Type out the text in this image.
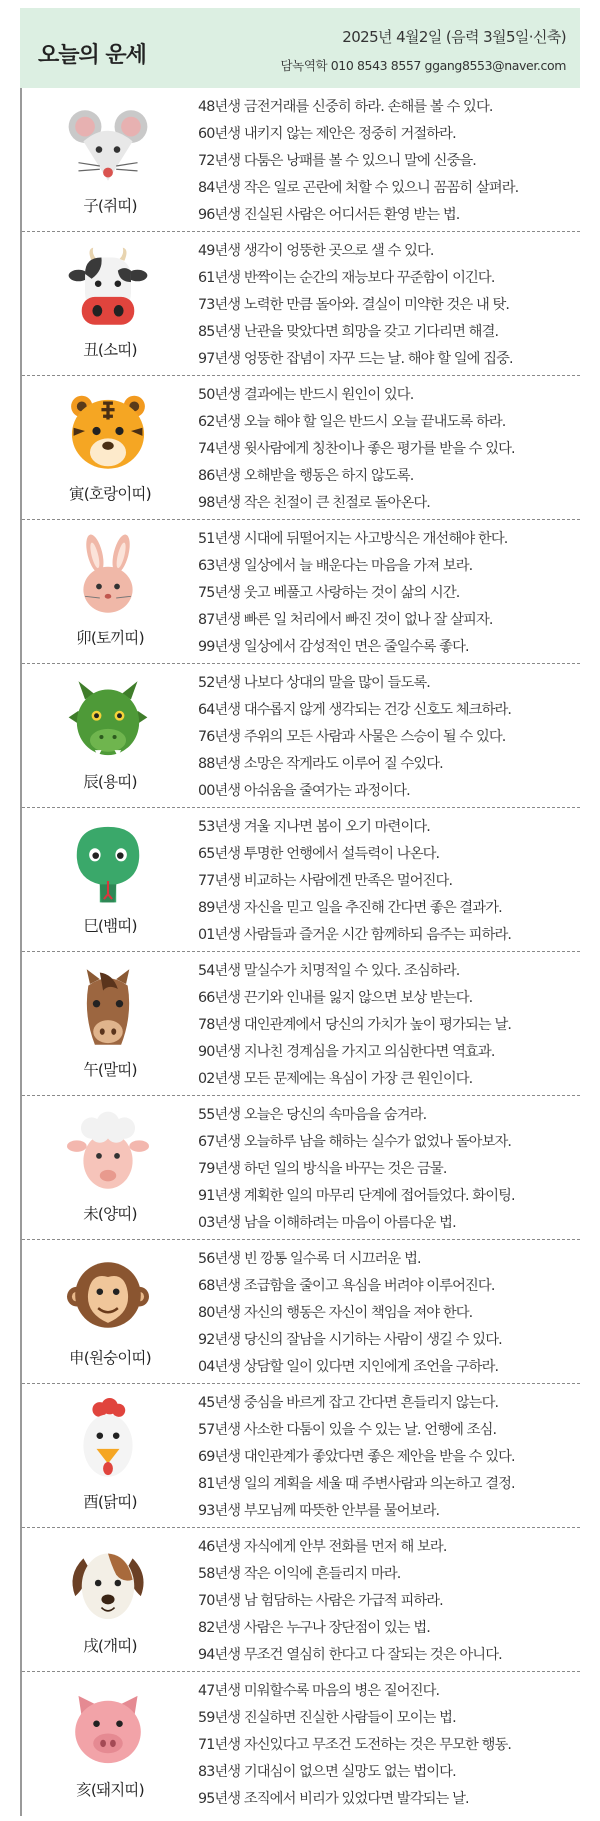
오늘의 운세
2025년 4월2일 (음력 3월5일·신축)
담녹역학 010 8543 8557 ggang8553@naver.com
子(쥐띠)
48년생 금전거래를 신중히 하라. 손해를 볼 수 있다.
60년생 내키지 않는 제안은 정중히 거절하라.
72년생 다툼은 낭패를 볼 수 있으니 말에 신중을.
84년생 작은 일로 곤란에 처할 수 있으니 꼼꼼히 살펴라.
96년생 진실된 사람은 어디서든 환영 받는 법.
丑(소띠)
49년생 생각이 엉뚱한 곳으로 샐 수 있다.
61년생 반짝이는 순간의 재능보다 꾸준함이 이긴다.
73년생 노력한 만큼 돌아와. 결실이 미약한 것은 내 탓.
85년생 난관을 맞았다면 희망을 갖고 기다리면 해결.
97년생 엉뚱한 잡념이 자꾸 드는 날. 해야 할 일에 집중.
寅(호랑이띠)
50년생 결과에는 반드시 원인이 있다.
62년생 오늘 해야 할 일은 반드시 오늘 끝내도록 하라.
74년생 윗사람에게 칭찬이나 좋은 평가를 받을 수 있다.
86년생 오해받을 행동은 하지 않도록.
98년생 작은 친절이 큰 친절로 돌아온다.
卯(토끼띠)
51년생 시대에 뒤떨어지는 사고방식은 개선해야 한다.
63년생 일상에서 늘 배운다는 마음을 가져 보라.
75년생 웃고 베풀고 사랑하는 것이 삶의 시간.
87년생 빠른 일 처리에서 빠진 것이 없나 잘 살피자.
99년생 일상에서 감성적인 면은 줄일수록 좋다.
辰(용띠)
52년생 나보다 상대의 말을 많이 들도록.
64년생 대수롭지 않게 생각되는 건강 신호도 체크하라.
76년생 주위의 모든 사람과 사물은 스승이 될 수 있다.
88년생 소망은 작게라도 이루어 질 수있다.
00년생 아쉬움을 줄여가는 과정이다.
巳(뱀띠)
53년생 겨울 지나면 봄이 오기 마련이다.
65년생 투명한 언행에서 설득력이 나온다.
77년생 비교하는 사람에겐 만족은 멀어진다.
89년생 자신을 믿고 일을 추진해 간다면 좋은 결과가.
01년생 사람들과 즐거운 시간 함께하되 음주는 피하라.
午(말띠)
54년생 말실수가 치명적일 수 있다. 조심하라.
66년생 끈기와 인내를 잃지 않으면 보상 받는다.
78년생 대인관계에서 당신의 가치가 높이 평가되는 날.
90년생 지나친 경계심을 가지고 의심한다면 역효과.
02년생 모든 문제에는 욕심이 가장 큰 원인이다.
未(양띠)
55년생 오늘은 당신의 속마음을 숨겨라.
67년생 오늘하루 남을 해하는 실수가 없었나 돌아보자.
79년생 하던 일의 방식을 바꾸는 것은 금물.
91년생 계획한 일의 마무리 단계에 접어들었다. 화이팅.
03년생 남을 이해하려는 마음이 아름다운 법.
申(원숭이띠)
56년생 빈 깡통 일수록 더 시끄러운 법.
68년생 조급함을 줄이고 욕심을 버려야 이루어진다.
80년생 자신의 행동은 자신이 책임을 져야 한다.
92년생 당신의 잘남을 시기하는 사람이 생길 수 있다.
04년생 상담할 일이 있다면 지인에게 조언을 구하라.
酉(닭띠)
45년생 중심을 바르게 잡고 간다면 흔들리지 않는다.
57년생 사소한 다툼이 있을 수 있는 날. 언행에 조심.
69년생 대인관계가 좋았다면 좋은 제안을 받을 수 있다.
81년생 일의 계획을 세울 때 주변사람과 의논하고 결정.
93년생 부모님께 따뜻한 안부를 물어보라.
戌(개띠)
46년생 자식에게 안부 전화를 먼저 해 보라.
58년생 작은 이익에 흔들리지 마라.
70년생 남 험담하는 사람은 가급적 피하라.
82년생 사람은 누구나 장단점이 있는 법.
94년생 무조건 열심히 한다고 다 잘되는 것은 아니다.
亥(돼지띠)
47년생 미워할수록 마음의 병은 짙어진다.
59년생 진실하면 진실한 사람들이 모이는 법.
71년생 자신있다고 무조건 도전하는 것은 무모한 행동.
83년생 기대심이 없으면 실망도 없는 법이다.
95년생 조직에서 비리가 있었다면 발각되는 날.
